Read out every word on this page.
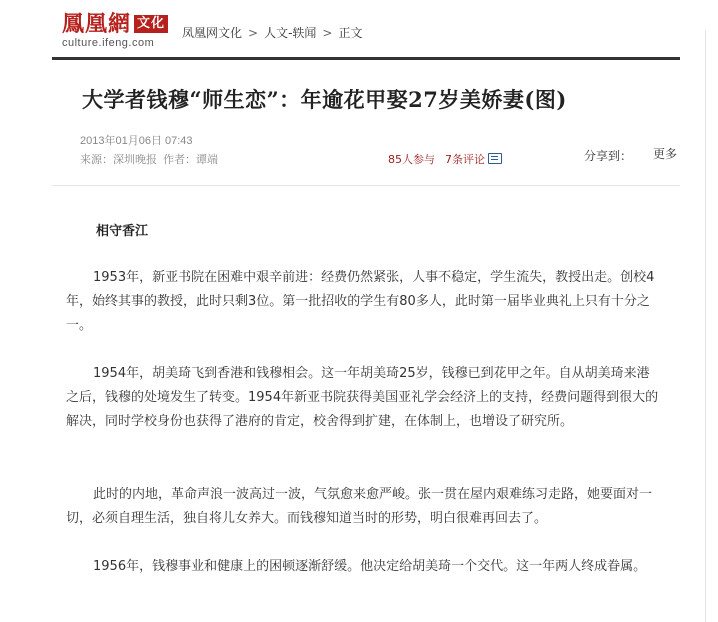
鳳凰網 文化
culture.ifeng.com
凤凰网文化 > 人文-轶闻 > 正文
大学者钱穆“师生恋”：年逾花甲娶27岁美娇妻(图)
2013年01月06日 07:43
来源：深圳晚报 作者：谭端	85人参与 7条评论	分享到： 更多
相守香江

1953年，新亚书院在困难中艰辛前进：经费仍然紧张，人事不稳定，学生流失，教授出走。创校4年，始终其事的教授，此时只剩3位。第一批招收的学生有80多人，此时第一届毕业典礼上只有十分之一。

1954年，胡美琦飞到香港和钱穆相会。这一年胡美琦25岁，钱穆已到花甲之年。自从胡美琦来港之后，钱穆的处境发生了转变。1954年新亚书院获得美国亚礼学会经济上的支持，经费问题得到很大的解决，同时学校身份也获得了港府的肯定，校舍得到扩建，在体制上，也增设了研究所。

此时的内地，革命声浪一波高过一波，气氛愈来愈严峻。张一贯在屋内艰难练习走路，她要面对一切，必须自理生活，独自将儿女养大。而钱穆知道当时的形势，明白很难再回去了。

1956年，钱穆事业和健康上的困顿逐渐舒缓。他决定给胡美琦一个交代。这一年两人终成眷属。
